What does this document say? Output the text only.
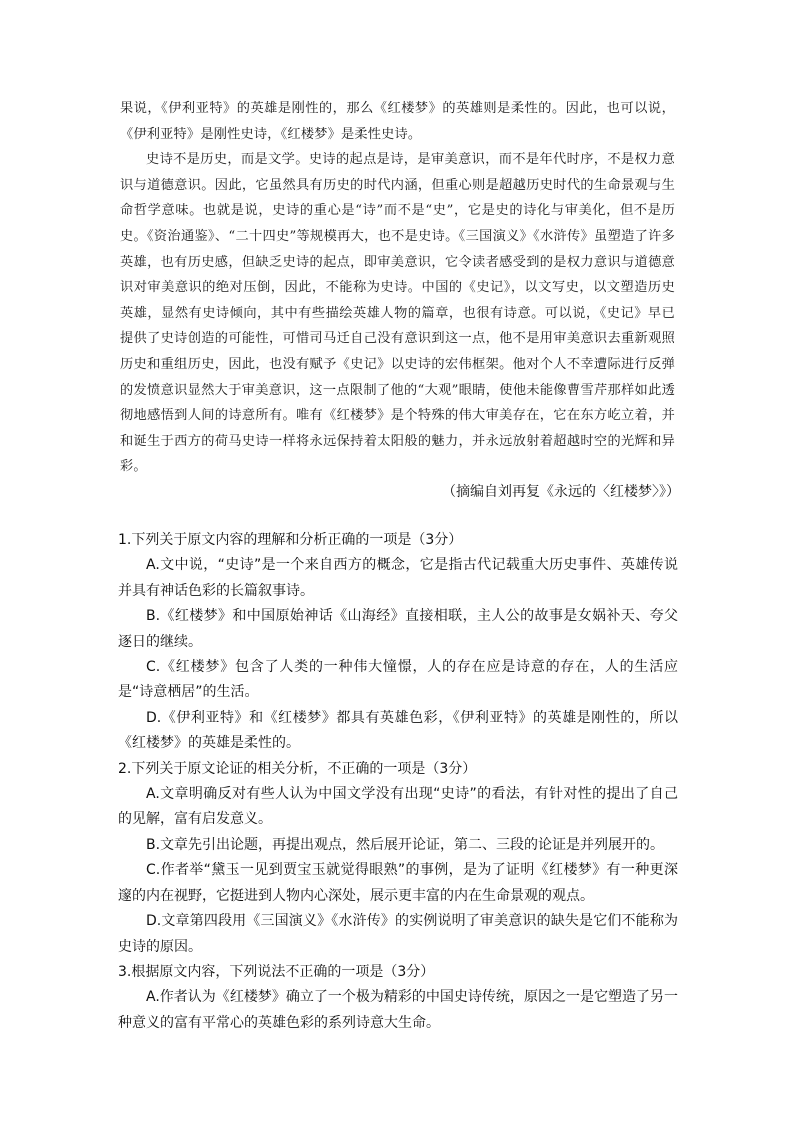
果说，《伊利亚特》的英雄是刚性的，那么《红楼梦》的英雄则是柔性的。因此，也可以说，《伊利亚特》是刚性史诗，《红楼梦》是柔性史诗。

史诗不是历史，而是文学。史诗的起点是诗，是审美意识，而不是年代时序，不是权力意识与道德意识。因此，它虽然具有历史的时代内涵，但重心则是超越历史时代的生命景观与生命哲学意味。也就是说，史诗的重心是“诗”而不是“史”，它是史的诗化与审美化，但不是历史。《资治通鉴》、“二十四史”等规模再大，也不是史诗。《三国演义》《水浒传》虽塑造了许多英雄，也有历史感，但缺乏史诗的起点，即审美意识，它令读者感受到的是权力意识与道德意识对审美意识的绝对压倒，因此，不能称为史诗。中国的《史记》，以文写史，以文塑造历史英雄，显然有史诗倾向，其中有些描绘英雄人物的篇章，也很有诗意。可以说，《史记》早已提供了史诗创造的可能性，可惜司马迁自己没有意识到这一点，他不是用审美意识去重新观照历史和重组历史，因此，也没有赋予《史记》以史诗的宏伟框架。他对个人不幸遭际进行反弹的发愤意识显然大于审美意识，这一点限制了他的“大观”眼睛，使他未能像曹雪芹那样如此透彻地感悟到人间的诗意所有。唯有《红楼梦》是个特殊的伟大审美存在，它在东方屹立着，并和诞生于西方的荷马史诗一样将永远保持着太阳般的魅力，并永远放射着超越时空的光辉和异彩。

（摘编自刘再复《永远的〈红楼梦〉》）
1.下列关于原文内容的理解和分析正确的一项是（3分）
A.文中说，“史诗”是一个来自西方的概念，它是指古代记载重大历史事件、英雄传说并具有神话色彩的长篇叙事诗。
B.《红楼梦》和中国原始神话《山海经》直接相联，主人公的故事是女娲补天、夸父逐日的继续。
C.《红楼梦》包含了人类的一种伟大憧憬，人的存在应是诗意的存在，人的生活应是“诗意栖居”的生活。
D.《伊利亚特》和《红楼梦》都具有英雄色彩，《伊利亚特》的英雄是刚性的，所以《红楼梦》的英雄是柔性的。
2.下列关于原文论证的相关分析，不正确的一项是（3分）
A.文章明确反对有些人认为中国文学没有出现“史诗”的看法，有针对性的提出了自己的见解，富有启发意义。
B.文章先引出论题，再提出观点，然后展开论证，第二、三段的论证是并列展开的。
C.作者举“黛玉一见到贾宝玉就觉得眼熟”的事例，是为了证明《红楼梦》有一种更深邃的内在视野，它挺进到人物内心深处，展示更丰富的内在生命景观的观点。
D.文章第四段用《三国演义》《水浒传》的实例说明了审美意识的缺失是它们不能称为史诗的原因。
3.根据原文内容，下列说法不正确的一项是（3分）
A.作者认为《红楼梦》确立了一个极为精彩的中国史诗传统，原因之一是它塑造了另一种意义的富有平常心的英雄色彩的系列诗意大生命。
